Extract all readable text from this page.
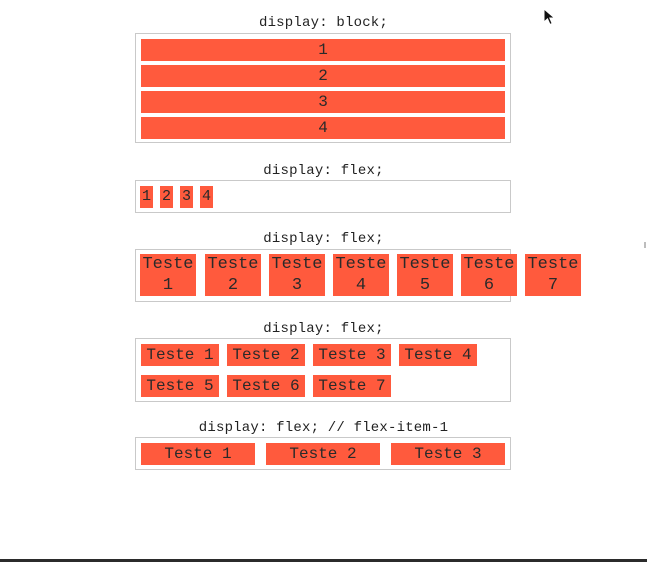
display: block;
1
2
3
4
display: flex;
1 2 3 4
display: flex;
Teste
1
Teste
2
Teste
3
Teste
4
Teste
5
Teste
6
Teste
7
display: flex;
Teste 1	Teste 2	Teste 3	Teste 4
Teste 5	Teste 6	Teste 7
display: flex; // flex-item-1
Teste 1	Teste 2	Teste 3
